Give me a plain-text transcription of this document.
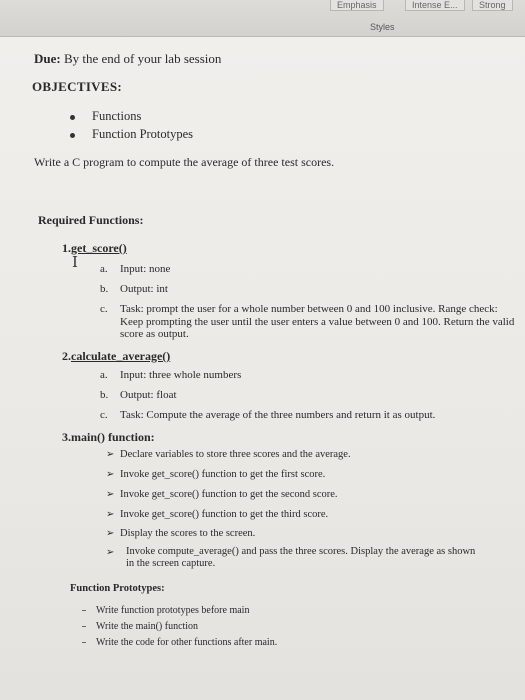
Emphasis	Intense E...	Strong
Styles
Due: By the end of your lab session
OBJECTIVES:
Functions
Function Prototypes
Write a C program to compute the average of three test scores.
Required Functions:
1.get_score()
I a. Input: none
b. Output: int
c.	Task: prompt the user for a whole number between 0 and 100 inclusive. Range check: Keep prompting the user until the user enters a value between 0 and 100. Return the valid score as output.
2.calculate_average()
a. Input: three whole numbers
b. Output: float
c. Task: Compute the average of the three numbers and return it as output.
3.main() function:
➢ Declare variables to store three scores and the average.
➢ Invoke get_score() function to get the first score.
➢ Invoke get_score() function to get the second score.
➢ Invoke get_score() function to get the third score.
➢ Display the scores to the screen.
➢	Invoke compute_average() and pass the three scores. Display the average as shown in the screen capture.
Function Prototypes:
Write function prototypes before main
Write the main() function
Write the code for other functions after main.
